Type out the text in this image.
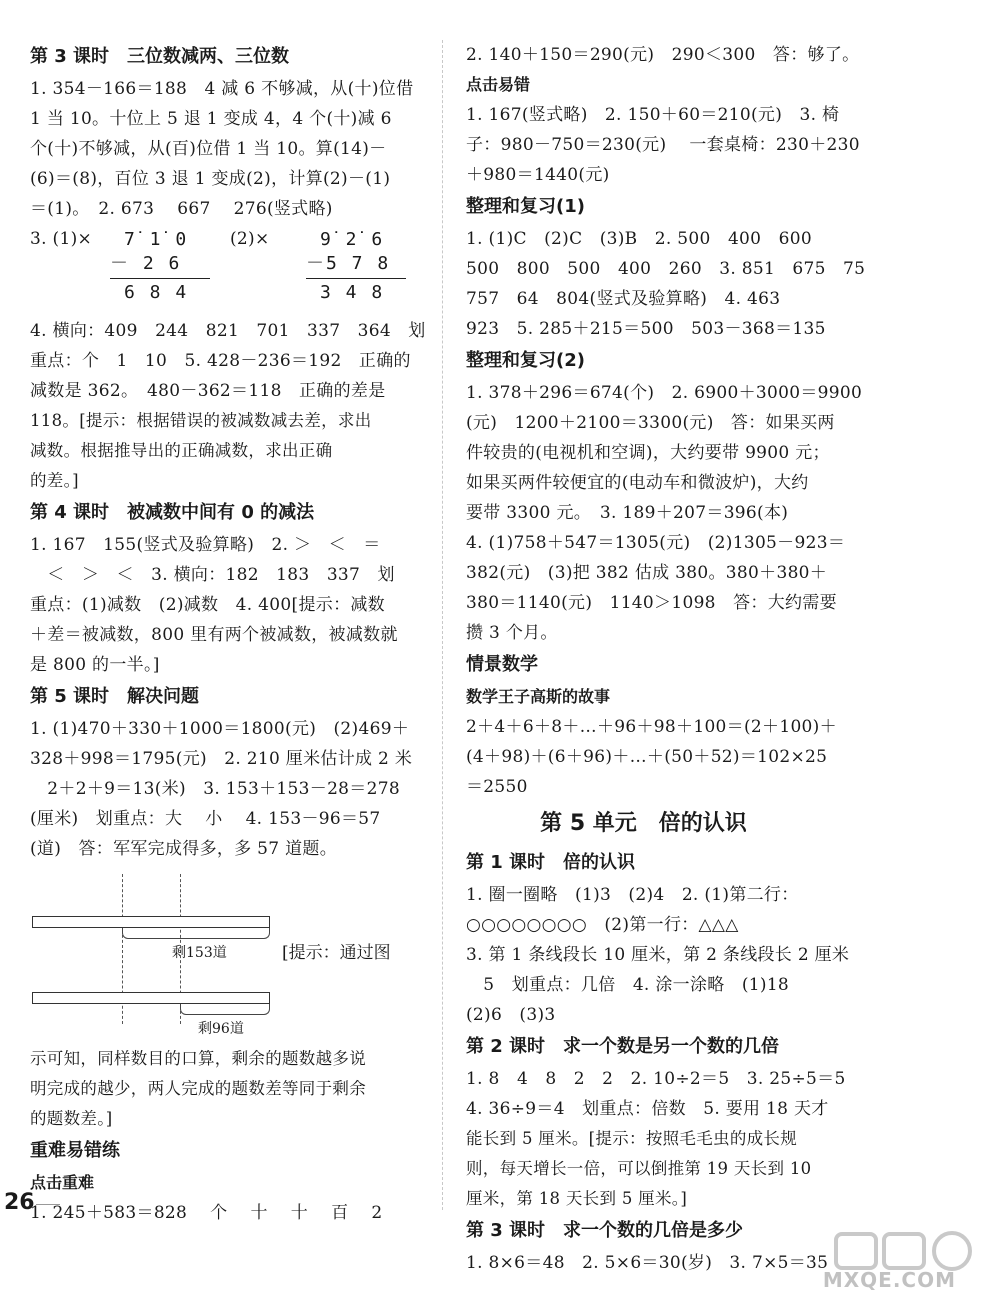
第 3 课时　三位数减两、三位数
1. 354－166＝188　4 减 6 不够减，从(十)位借
1 当 10。十位上 5 退 1 变成 4，4 个(十)减 6
个(十)不够减，从(百)位借 1 当 10。算(14)－
(6)＝(8)，百位 3 退 1 变成(2)，计算(2)－(1)
＝(1)。　2. 673　 667　 276(竖式略)
3. (1)×	7̇ 1̇ 0
－ 2 6
6 8 4
(2)×	9̇ 2̇ 6
－5 7 8
3 4 8
4. 横向：409　244　821　701　337　364　划
重点：个　1　10　5. 428－236＝192　正确的
减数是 362。　480－362＝118　正确的差是
118。[提示：根据错误的被减数减去差，求出
减数。根据推导出的正确减数，求出正确
的差。]
第 4 课时　被减数中间有 0 的减法
1. 167　155(竖式及验算略)　2. ＞　＜　＝
　＜　＞　＜　3. 横向：182　183　337　划
重点：(1)减数　(2)减数　4. 400[提示：减数
＋差＝被减数，800 里有两个被减数，被减数就
是 800 的一半。]
第 5 课时　解决问题
1. (1)470＋330＋1000＝1800(元)　(2)469＋
328＋998＝1795(元)　2. 210 厘米估计成 2 米
　2＋2＋9＝13(米)　3. 153＋153－28＝278
(厘米)　划重点：大　 小　 4. 153－96＝57
(道)　答：军军完成得多，多 57 道题。
剩153道	[提示：通过图
剩96道
示可知，同样数目的口算，剩余的题数越多说
明完成的越少，两人完成的题数差等同于剩余
的题数差。]
重难易错练
点击重难
1. 245＋583＝828　 个　 十　 十　 百　 2
2. 140＋150＝290(元)　290＜300　答：够了。
点击易错
1. 167(竖式略)　2. 150＋60＝210(元)　3. 椅
子：980－750＝230(元)　 一套桌椅：230＋230
＋980＝1440(元)
整理和复习(1)
1. (1)C　(2)C　(3)B　2. 500　400　600
500　800　500　400　260　3. 851　675　75
757　64　804(竖式及验算略)　4. 463
923　5. 285＋215＝500　503－368＝135
整理和复习(2)
1. 378＋296＝674(个)　2. 6900＋3000＝9900
(元)　1200＋2100＝3300(元)　答：如果买两
件较贵的(电视机和空调)，大约要带 9900 元；
如果买两件较便宜的(电动车和微波炉)，大约
要带 3300 元。　3. 189＋207＝396(本)
4. (1)758＋547＝1305(元)　(2)1305－923＝
382(元)　(3)把 382 估成 380。380＋380＋
380＝1140(元)　1140＞1098　答：大约需要
攒 3 个月。
情景数学
数学王子高斯的故事
2＋4＋6＋8＋…＋96＋98＋100＝(2＋100)＋
(4＋98)＋(6＋96)＋…＋(50＋52)＝102×25
＝2550
第 5 单元　倍的认识
第 1 课时　倍的认识
1. 圈一圈略　(1)3　(2)4　2. (1)第二行：
○○○○○○○○　(2)第一行：△△△
3. 第 1 条线段长 10 厘米，第 2 条线段长 2 厘米
　5　划重点：几倍　4. 涂一涂略　(1)18
(2)6　(3)3
第 2 课时　求一个数是另一个数的几倍
1. 8　4　8　2　2　2. 10÷2＝5　3. 25÷5＝5
4. 36÷9＝4　划重点：倍数　5. 要用 18 天才
能长到 5 厘米。[提示：按照毛毛虫的成长规
则，每天增长一倍，可以倒推第 19 天长到 10
厘米，第 18 天长到 5 厘米。]
第 3 课时　求一个数的几倍是多少
1. 8×6＝48　2. 5×6＝30(岁)　3. 7×5＝35
26
MXQE.COM
